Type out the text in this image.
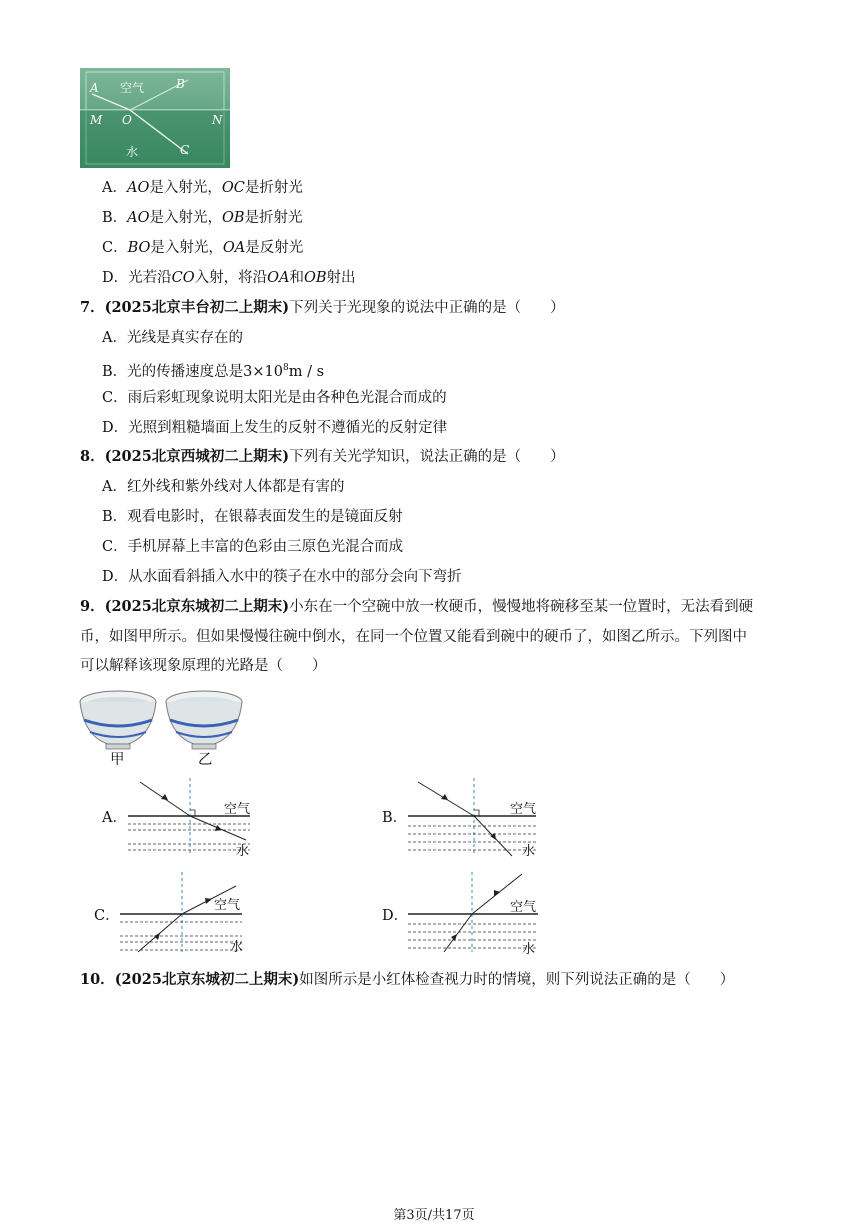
A 空气	B
M O	N
水	C
A．AO是入射光，OC是折射光
B．AO是入射光，OB是折射光
C．BO是入射光，OA是反射光
D．光若沿CO入射，将沿OA和OB射出
7．(2025北京丰台初二上期末)下列关于光现象的说法中正确的是（　　）
A．光线是真实存在的
B．光的传播速度总是$3\times 10^8m / s$
C．雨后彩虹现象说明太阳光是由各种色光混合而成的
D．光照到粗糙墙面上发生的反射不遵循光的反射定律
8．(2025北京西城初二上期末)下列有关光学知识，说法正确的是（　　）
A．红外线和紫外线对人体都是有害的
B．观看电影时，在银幕表面发生的是镜面反射
C．手机屏幕上丰富的色彩由三原色光混合而成
D．从水面看斜插入水中的筷子在水中的部分会向下弯折
9．(2025北京东城初二上期末)小东在一个空碗中放一枚硬币，慢慢地将碗移至某一位置时，无法看到硬
币，如图甲所示。但如果慢慢往碗中倒水，在同一个位置又能看到碗中的硬币了，如图乙所示。下列图中
可以解释该现象原理的光路是（　　）
甲	乙
A．
空气
水
B．
空气
水
C．
空气
水
D．
空气
水
10．(2025北京东城初二上期末)如图所示是小红体检查视力时的情境，则下列说法正确的是（　　）
第3页/共17页
